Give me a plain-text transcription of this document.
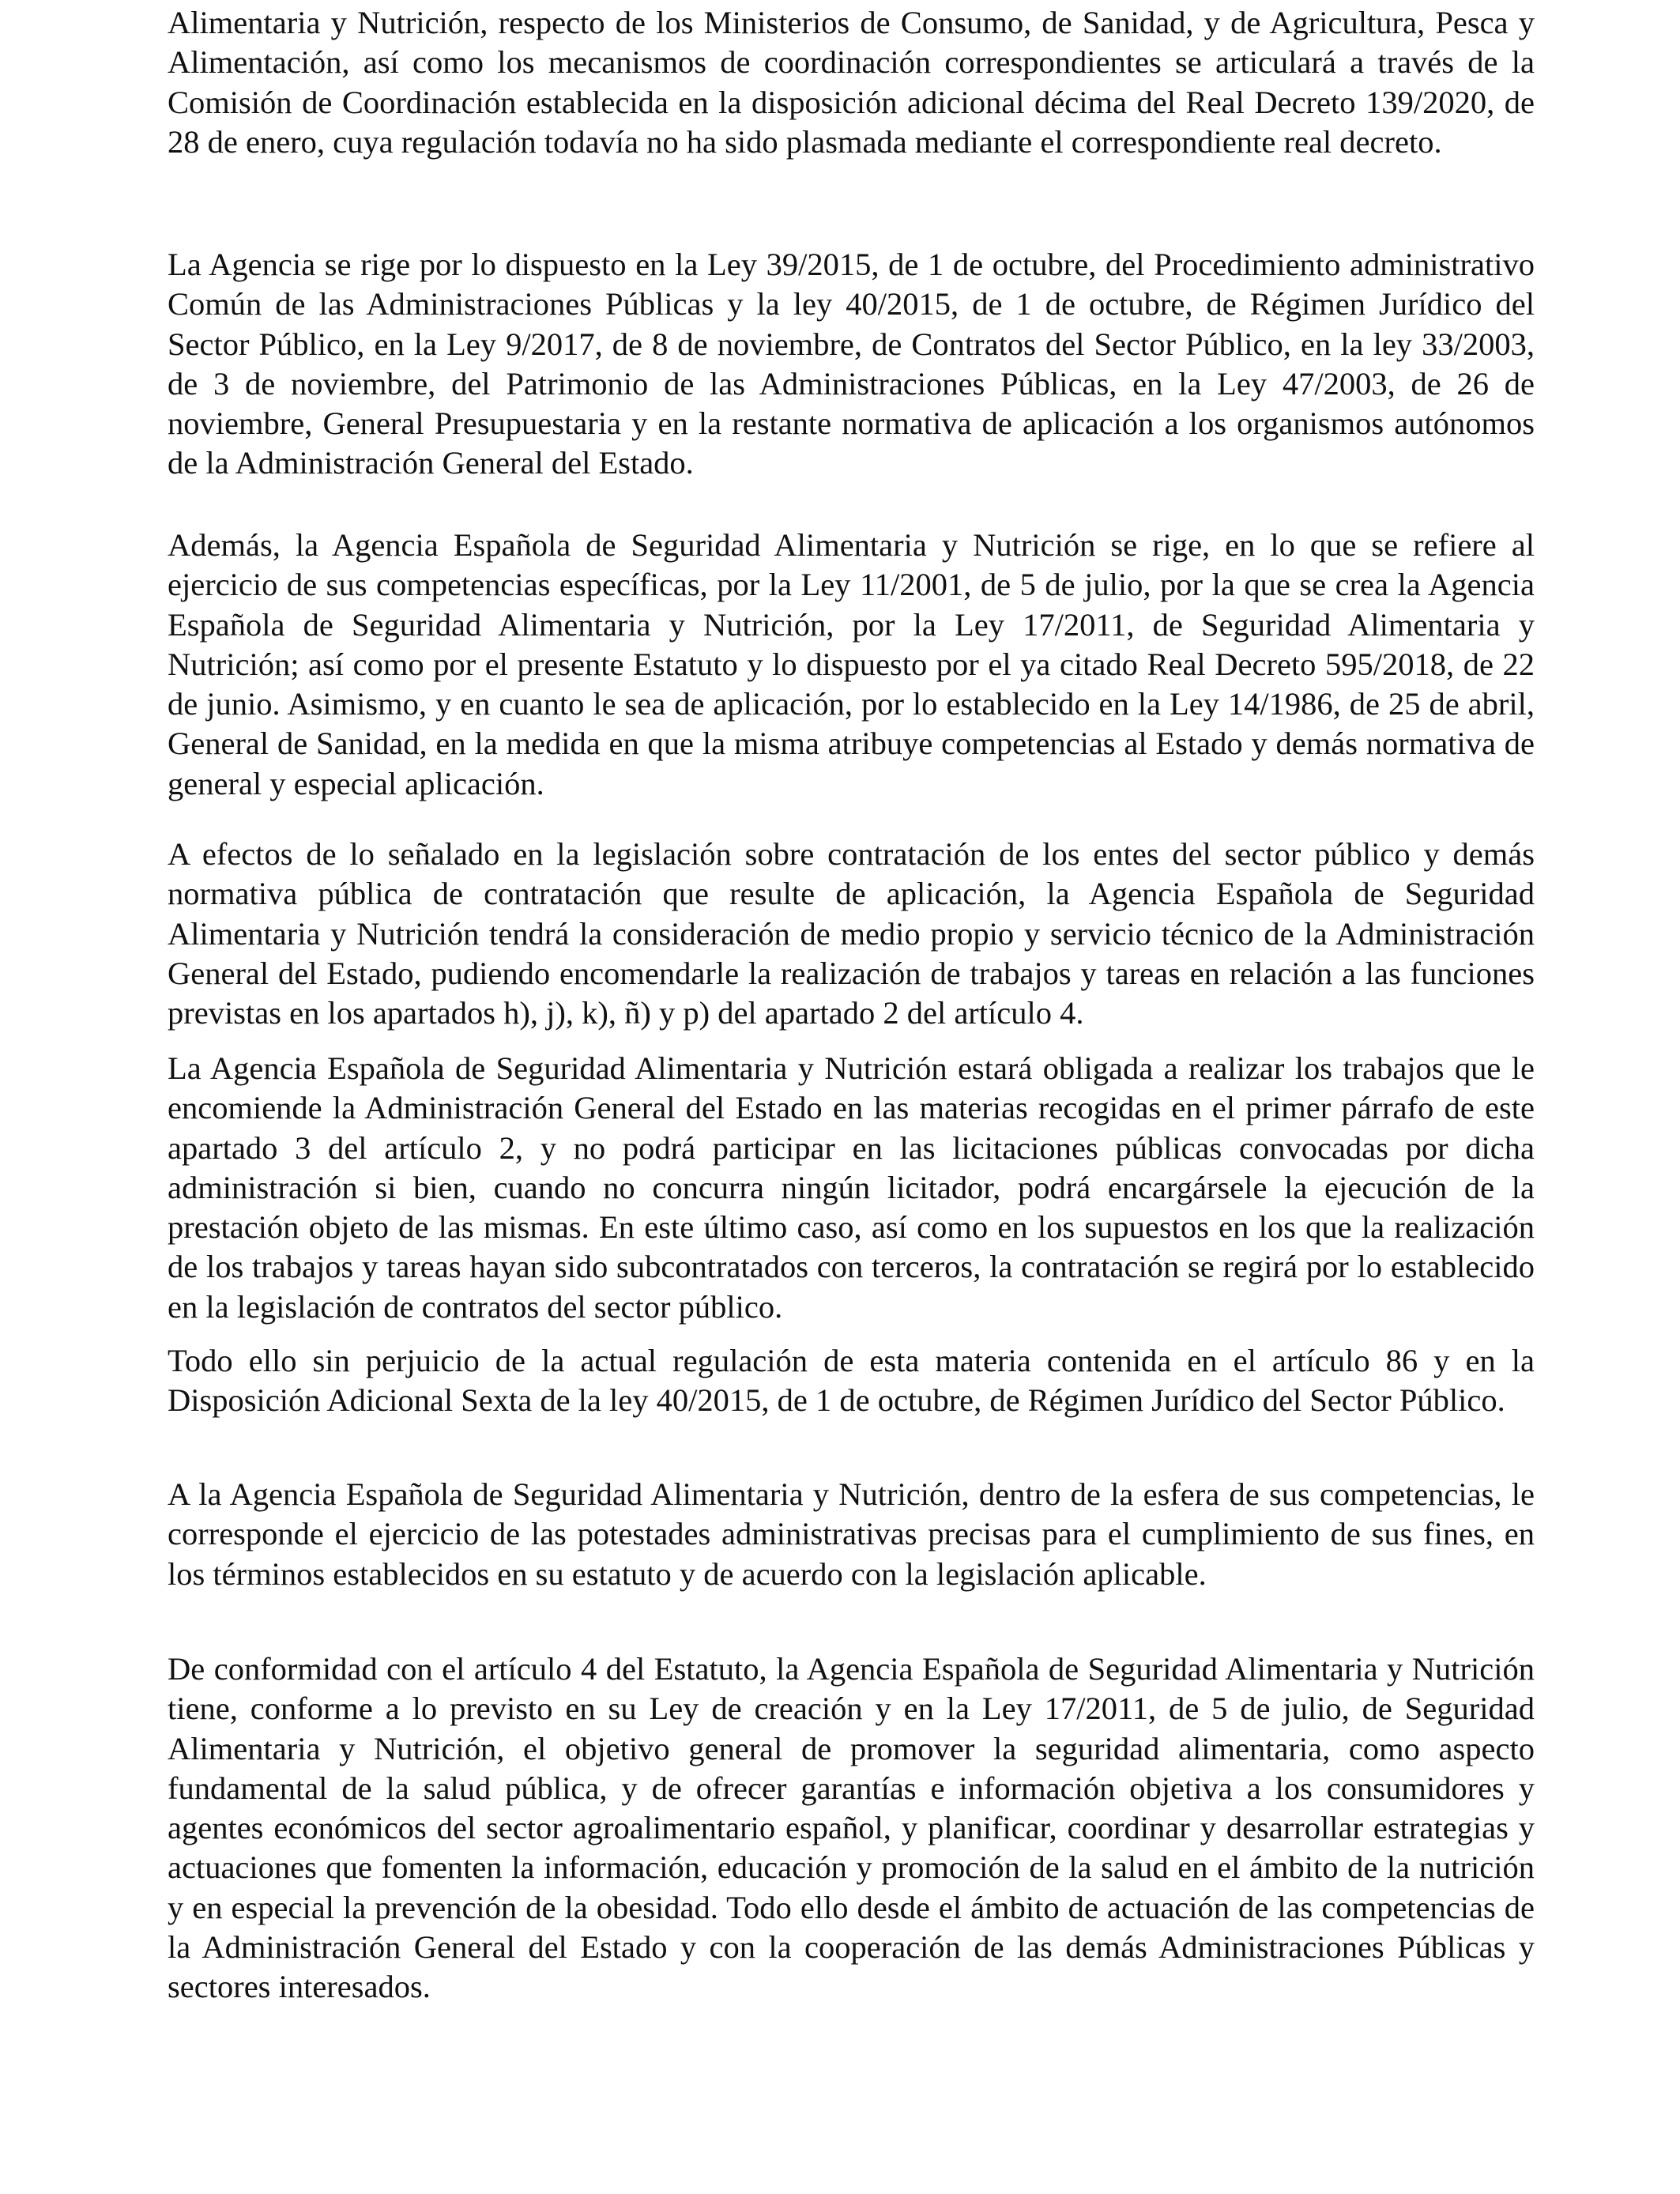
Alimentaria y Nutrición, respecto de los Ministerios de Consumo, de Sanidad, y de Agricultura, Pesca y Alimentación, así como los mecanismos de coordinación correspondientes se articulará a través de la Comisión de Coordinación establecida en la disposición adicional décima del Real Decreto 139/2020, de 28 de enero, cuya regulación todavía no ha sido plasmada mediante el correspondiente real decreto.

La Agencia se rige por lo dispuesto en la Ley 39/2015, de 1 de octubre, del Procedimiento administrativo Común de las Administraciones Públicas y la ley 40/2015, de 1 de octubre, de Régimen Jurídico del Sector Público, en la Ley 9/2017, de 8 de noviembre, de Contratos del Sector Público, en la ley 33/2003, de 3 de noviembre, del Patrimonio de las Administraciones Públicas, en la Ley 47/2003, de 26 de noviembre, General Presupuestaria y en la restante normativa de aplicación a los organismos autónomos de la Administración General del Estado.

Además, la Agencia Española de Seguridad Alimentaria y Nutrición se rige, en lo que se refiere al ejercicio de sus competencias específicas, por la Ley 11/2001, de 5 de julio, por la que se crea la Agencia Española de Seguridad Alimentaria y Nutrición, por la Ley 17/2011, de Seguridad Alimentaria y Nutrición; así como por el presente Estatuto y lo dispuesto por el ya citado Real Decreto 595/2018, de 22 de junio. Asimismo, y en cuanto le sea de aplicación, por lo establecido en la Ley 14/1986, de 25 de abril, General de Sanidad, en la medida en que la misma atribuye competencias al Estado y demás normativa de general y especial aplicación.

A efectos de lo señalado en la legislación sobre contratación de los entes del sector público y demás normativa pública de contratación que resulte de aplicación, la Agencia Española de Seguridad Alimentaria y Nutrición tendrá la consideración de medio propio y servicio técnico de la Administración General del Estado, pudiendo encomendarle la realización de trabajos y tareas en relación a las funciones previstas en los apartados h), j), k), ñ) y p) del apartado 2 del artículo 4.

La Agencia Española de Seguridad Alimentaria y Nutrición estará obligada a realizar los trabajos que le encomiende la Administración General del Estado en las materias recogidas en el primer párrafo de este apartado 3 del artículo 2, y no podrá participar en las licitaciones públicas convocadas por dicha administración si bien, cuando no concurra ningún licitador, podrá encargársele la ejecución de la prestación objeto de las mismas. En este último caso, así como en los supuestos en los que la realización de los trabajos y tareas hayan sido subcontratados con terceros, la contratación se regirá por lo establecido en la legislación de contratos del sector público.

Todo ello sin perjuicio de la actual regulación de esta materia contenida en el artículo 86 y en la Disposición Adicional Sexta de la ley 40/2015, de 1 de octubre, de Régimen Jurídico del Sector Público.

A la Agencia Española de Seguridad Alimentaria y Nutrición, dentro de la esfera de sus competencias, le corresponde el ejercicio de las potestades administrativas precisas para el cumplimiento de sus fines, en los términos establecidos en su estatuto y de acuerdo con la legislación aplicable.

De conformidad con el artículo 4 del Estatuto, la Agencia Española de Seguridad Alimentaria y Nutrición tiene, conforme a lo previsto en su Ley de creación y en la Ley 17/2011, de 5 de julio, de Seguridad Alimentaria y Nutrición, el objetivo general de promover la seguridad alimentaria, como aspecto fundamental de la salud pública, y de ofrecer garantías e información objetiva a los consumidores y agentes económicos del sector agroalimentario español, y planificar, coordinar y desarrollar estrategias y actuaciones que fomenten la información, educación y promoción de la salud en el ámbito de la nutrición y en especial la prevención de la obesidad. Todo ello desde el ámbito de actuación de las competencias de la Administración General del Estado y con la cooperación de las demás Administraciones Públicas y sectores interesados.
